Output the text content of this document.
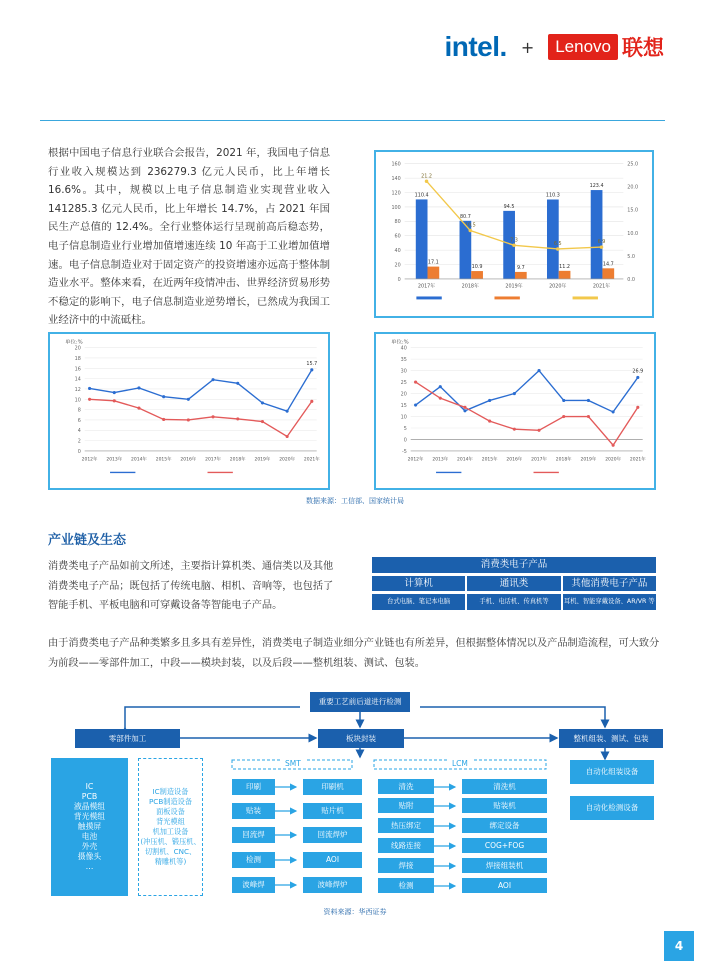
intel. +	Lenovo 联想

根据中国电子信息行业联合会报告，2021 年，我国电子信息行业收入规模达到 236279.3 亿元人民币，比上年增长 16.6%。其中，规模以上电子信息制造业实现营业收入 141285.3 亿元人民币，比上年增长 14.7%，占 2021 年国民生产总值的 12.4%。全行业整体运行呈现前高后稳态势，电子信息制造业行业增加值增速连续 10 年高于工业增加值增速。电子信息制造业对于固定资产的投资增速亦远高于整体制造业水平。整体来看，在近两年疫情冲击、世界经济贸易形势不稳定的影响下，电子信息制造业逆势增长，已然成为我国工业经济中的中流砥柱。

160
140
120
100
80
60
40
20
0
25.0
20.0
15.0
10.0
5.0
0.0
110.4
17.1
2017年
21.2
80.7
10.9
2018年
10.5
94.5
9.7
2019年
7.3
110.3
11.2
2020年
6.5
123.4
14.7
2021年
6.9
单位:%
20
18
16
14
12
10
8
6
4
2
0
2012年 2013年 2014年 2015年 2016年 2017年 2018年 2019年 2020年 2021年
15.7
单位:%
40
35
30
25
20
15
10
5
0
-5
2012年 2013年 2014年 2015年 2016年 2017年 2018年 2019年 2020年 2021年
26.9
数据来源：工信部、国家统计局
产业链及生态

消费类电子产品如前文所述，主要指计算机类、通信类以及其他消费类电子产品；既包括了传统电脑、相机、音响等，也包括了智能手机、平板电脑和可穿戴设备等智能电子产品。

消费类电子产品
计算机	通讯类	其他消费电子产品
台式电脑、笔记本电脑	手机、电话机、传真机等	耳机、智能穿戴设备、AR/VR 等

由于消费类电子产品种类繁多且多具有差异性，消费类电子制造业细分产业链也有所差异，但根据整体情况以及产品制造流程，可大致分为前段——零部件加工，中段——模块封装，以及后段——整机组装、测试、包装。

重要工艺前后道进行检测
零部件加工	板块封装	整机组装、测试、包装
IC
PCB
液晶模组
背光模组
触摸屏
电池
外壳
摄像头
…
IC制造设备
PCB制造设备
面板设备
背光模组
机加工设备
(冲压机、锻压机、
切割机、CNC、
精雕机等)
SMT	LCM
印刷
贴装
回流焊
检测
波峰焊
印刷机
贴片机
回流焊炉
AOI
波峰焊炉
清洗
贴附
热压绑定
线路连接
焊接
检测
清洗机
贴装机
绑定设备
COG+FOG
焊接组装机
AOI
自动化组装设备
自动化检测设备
资料来源：华西证券
4
